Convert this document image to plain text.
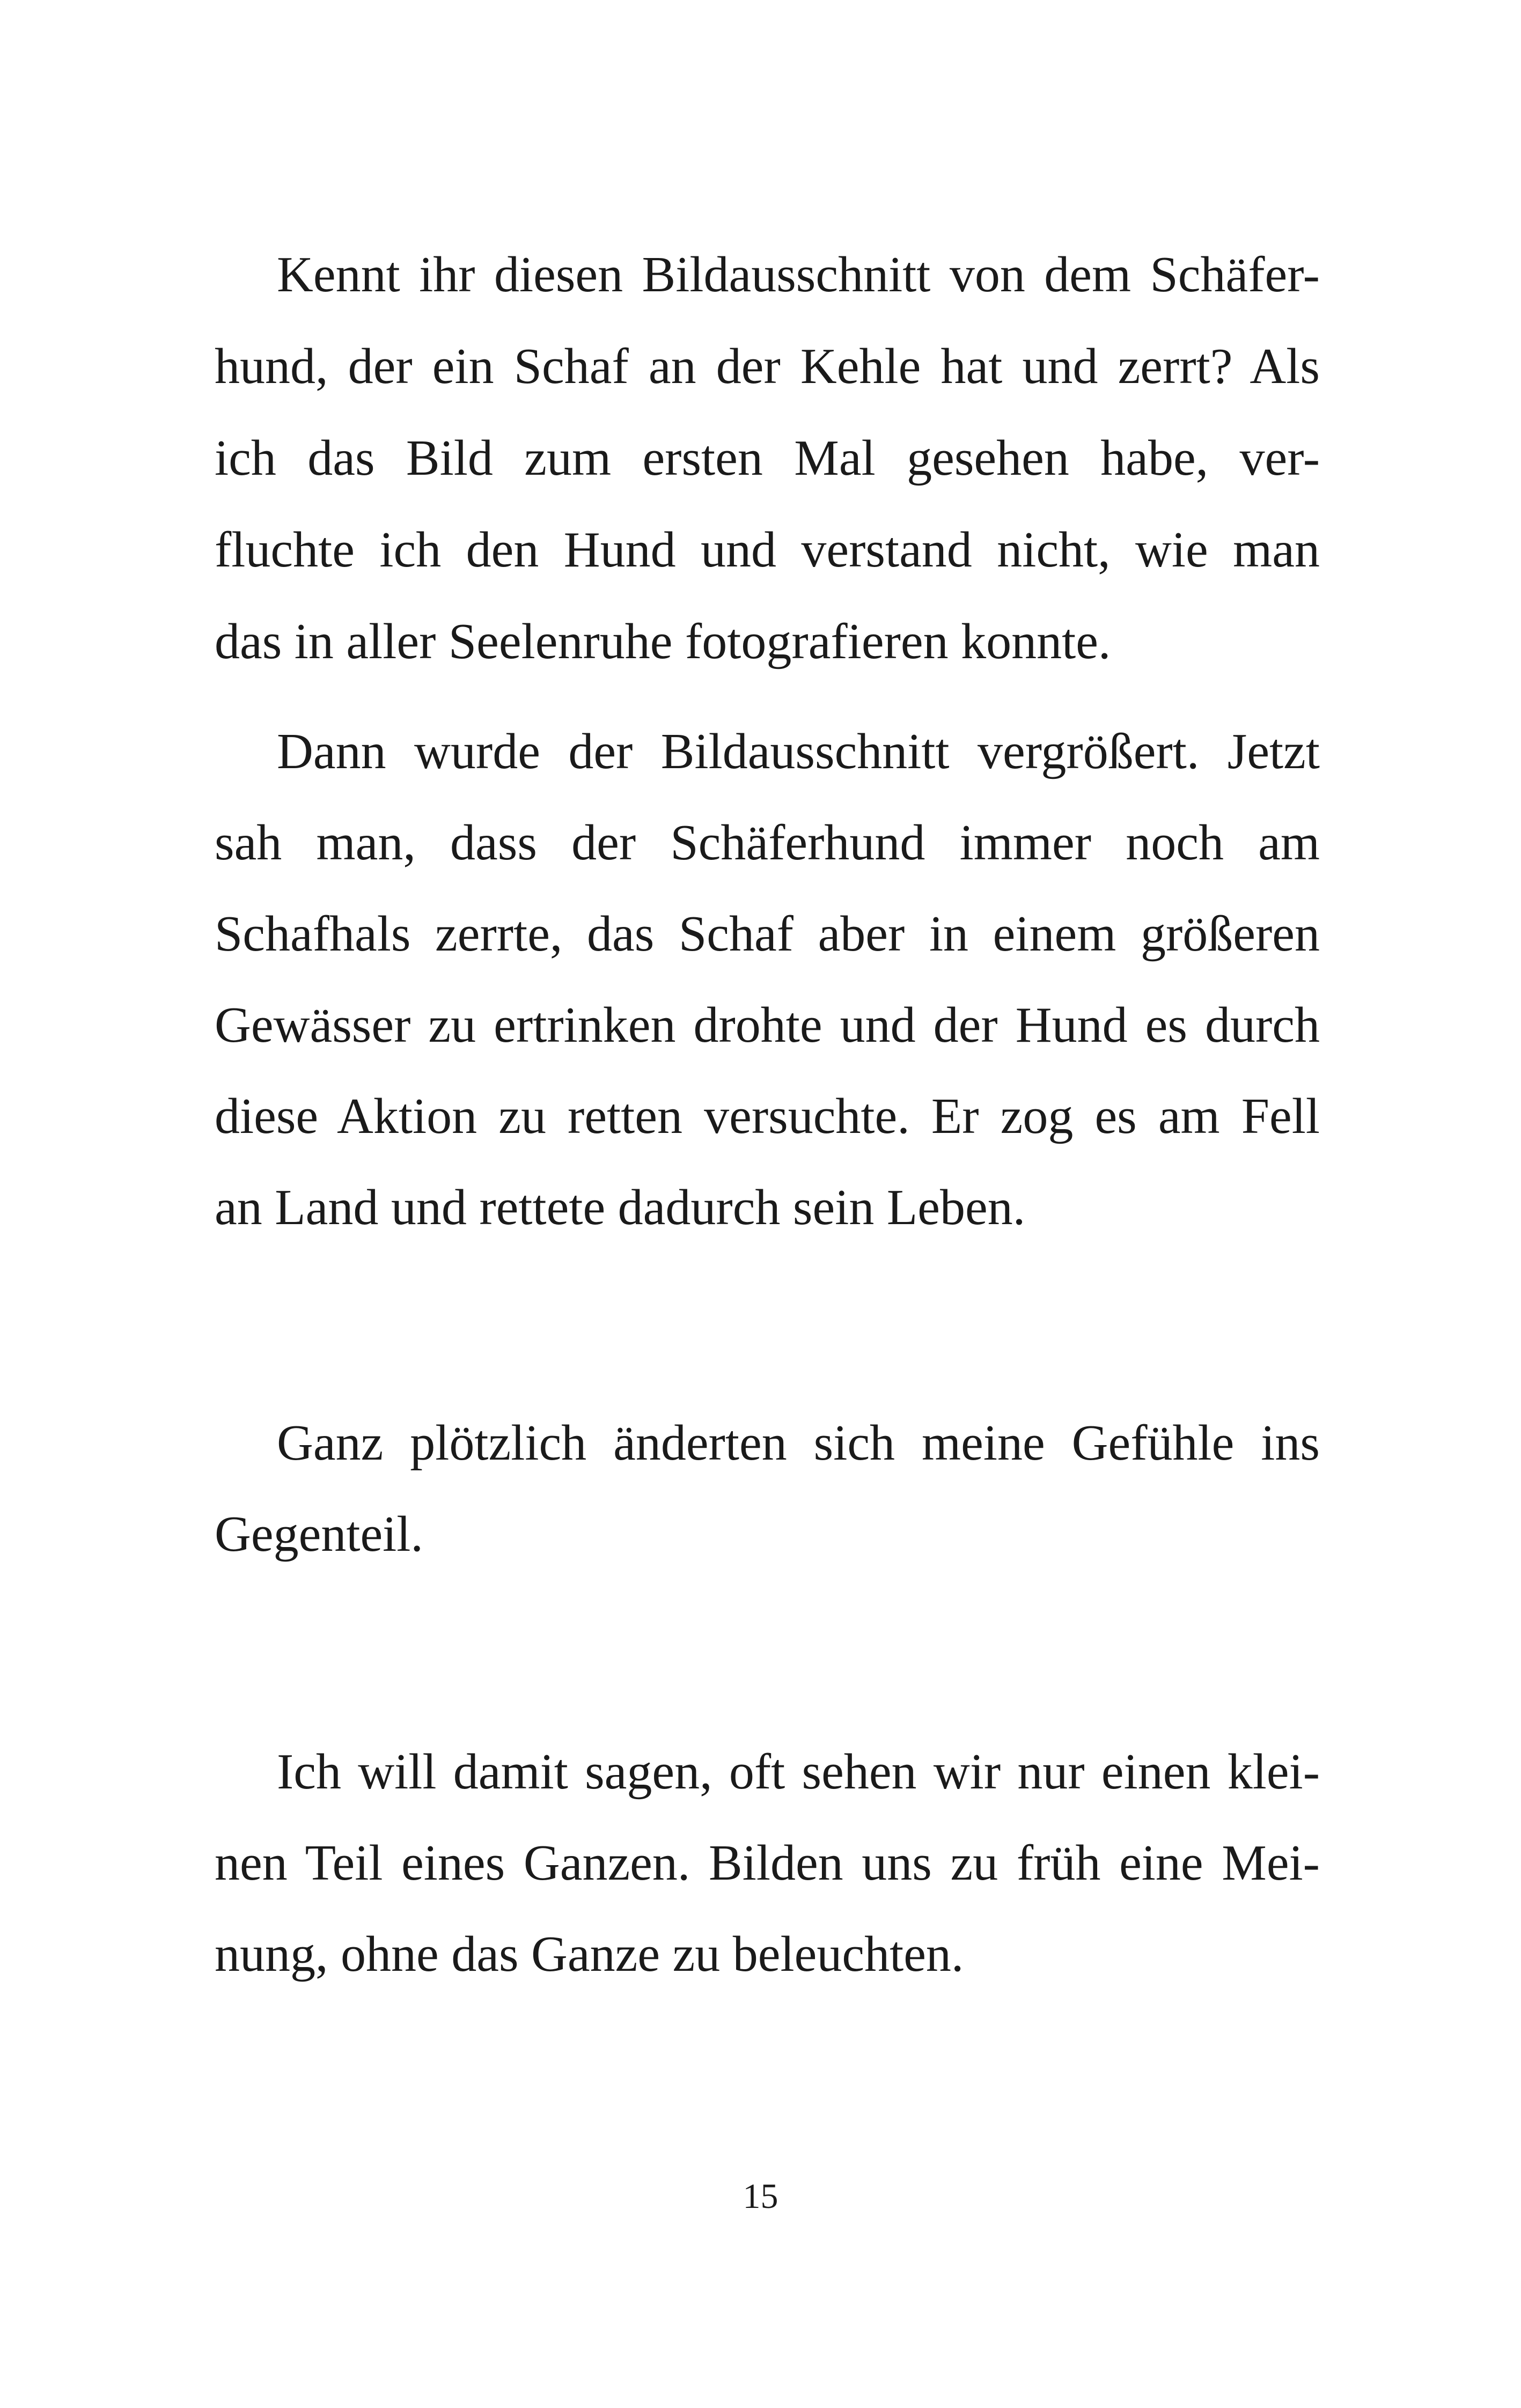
Kennt ihr diesen Bildausschnitt von dem Schäfer-
hund, der ein Schaf an der Kehle hat und zerrt? Als
ich das Bild zum ersten Mal gesehen habe, ver-
fluchte ich den Hund und verstand nicht, wie man
das in aller Seelenruhe fotografieren konnte.
Dann wurde der Bildausschnitt vergrößert. Jetzt
sah man, dass der Schäferhund immer noch am
Schafhals zerrte, das Schaf aber in einem größeren
Gewässer zu ertrinken drohte und der Hund es durch
diese Aktion zu retten versuchte. Er zog es am Fell
an Land und rettete dadurch sein Leben.
Ganz plötzlich änderten sich meine Gefühle ins
Gegenteil.
Ich will damit sagen, oft sehen wir nur einen klei-
nen Teil eines Ganzen. Bilden uns zu früh eine Mei-
nung, ohne das Ganze zu beleuchten.
15
